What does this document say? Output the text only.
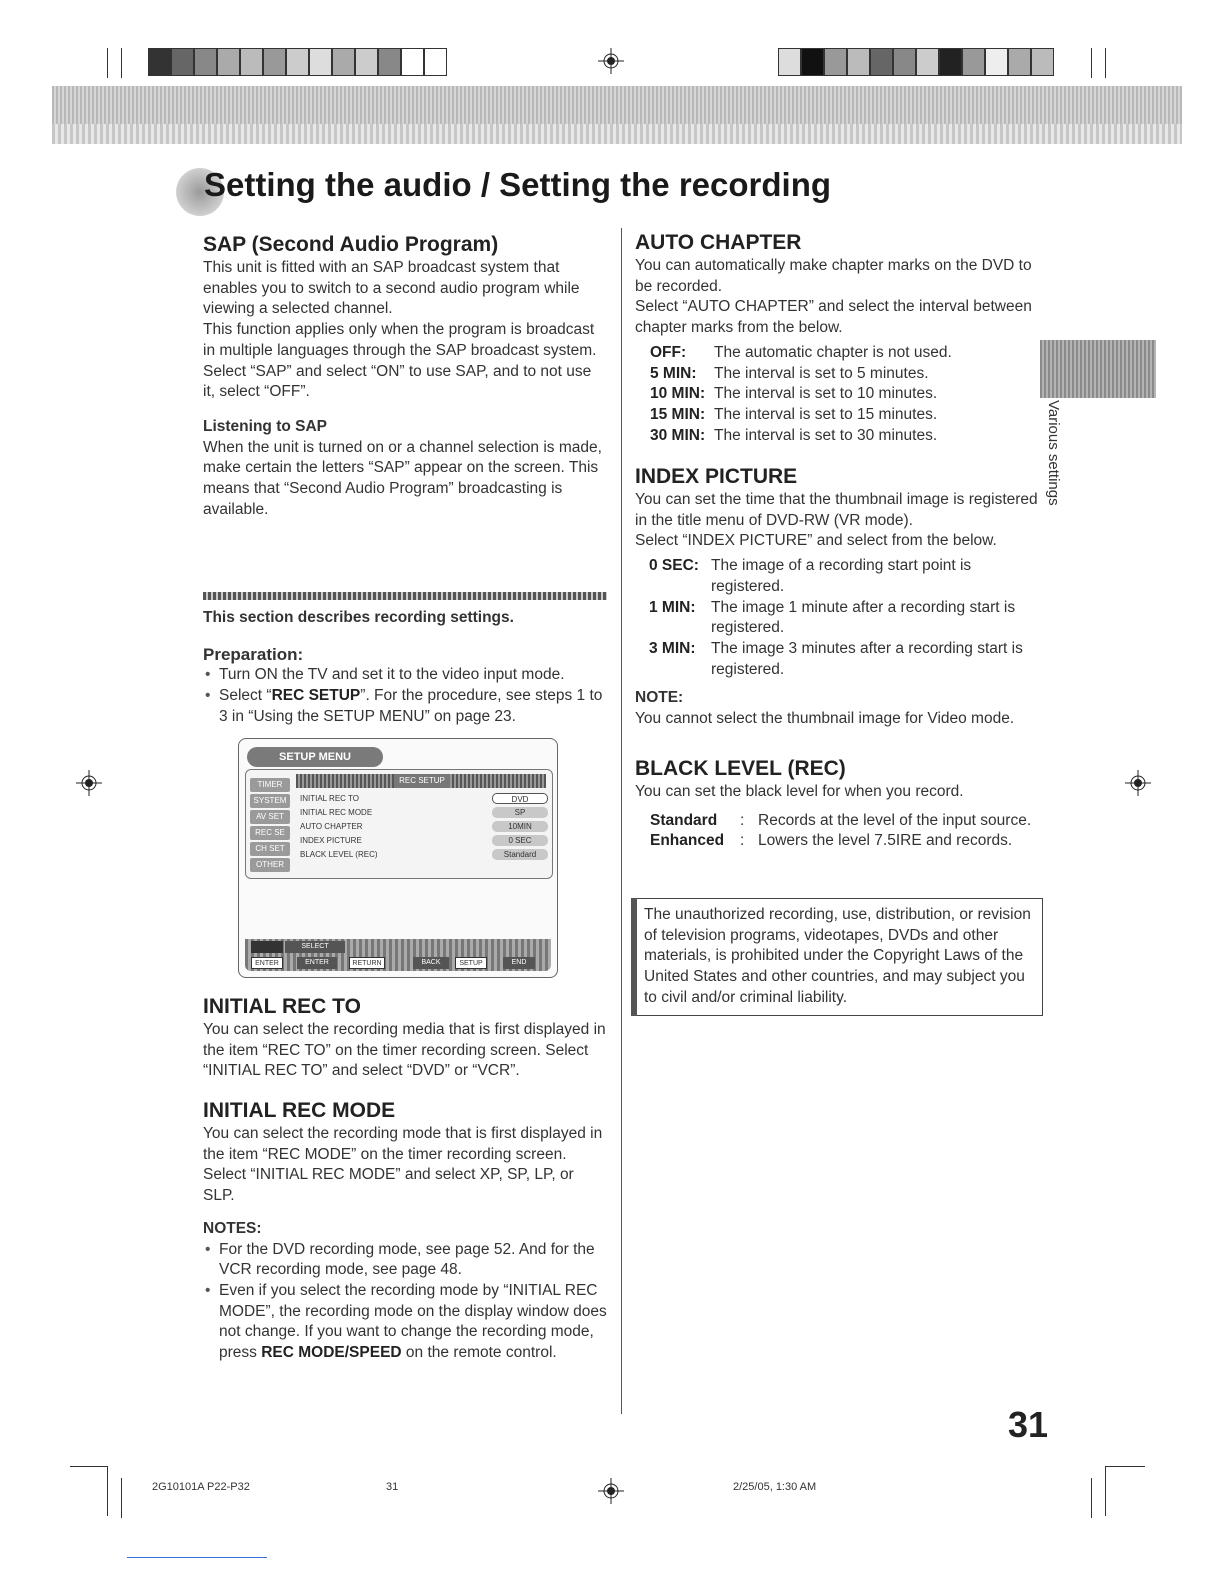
Setting the audio / Setting the recording
SAP (Second Audio Program)

This unit is fitted with an SAP broadcast system that enables you to switch to a second audio program while viewing a selected channel.

This function applies only when the program is broadcast in multiple languages through the SAP broadcast system.

Select “SAP” and select “ON” to use SAP, and to not use it, select “OFF”.

Listening to SAP

When the unit is turned on or a channel selection is made, make certain the letters “SAP” appear on the screen. This means that “Second Audio Program” broadcasting is available.

This section describes recording settings.

Preparation:

• Turn ON the TV and set it to the video input mode.
• Select “REC SETUP”. For the procedure, see steps 1 to 3 in “Using the SETUP MENU” on page 23.
SETUP MENU
TIMER
SYSTEM
AV SET
REC SE
CH SET
OTHER
REC SETUP
INITIAL REC TO	DVD
INITIAL REC MODE	SP
AUTO CHAPTER	10MIN
INDEX PICTURE	0 SEC
BLACK LEVEL (REC)	Standard
SELECT
ENTER	ENTER	RETURN	BACK	SETUP	END
INITIAL REC TO

You can select the recording media that is first displayed in the item “REC TO” on the timer recording screen. Select “INITIAL REC TO” and select “DVD” or “VCR”.

INITIAL REC MODE

You can select the recording mode that is first displayed in the item “REC MODE” on the timer recording screen. Select “INITIAL REC MODE” and select XP, SP, LP, or SLP.

NOTES:

• For the DVD recording mode, see page 52. And for the VCR recording mode, see page 48.
• Even if you select the recording mode by “INITIAL REC MODE”, the recording mode on the display window does not change. If you want to change the recording mode, press REC MODE/SPEED on the remote control.
AUTO CHAPTER

You can automatically make chapter marks on the DVD to be recorded.

Select “AUTO CHAPTER” and select the interval between chapter marks from the below.

OFF:	The automatic chapter is not used.
5 MIN:	The interval is set to 5 minutes.
10 MIN: The interval is set to 10 minutes.
15 MIN: The interval is set to 15 minutes.
30 MIN: The interval is set to 30 minutes.
INDEX PICTURE

You can set the time that the thumbnail image is registered in the title menu of DVD-RW (VR mode).

Select “INDEX PICTURE” and select from the below.

0 SEC: The image of a recording start point is registered.
1 MIN:	The image 1 minute after a recording start is registered.
3 MIN:	The image 3 minutes after a recording start is registered.

NOTE:

You cannot select the thumbnail image for Video mode.

BLACK LEVEL (REC)

You can set the black level for when you record.

Standard	: Records at the level of the input source.
Enhanced	: Lowers the level 7.5IRE and records.
The unauthorized recording, use, distribution, or revision of television programs, videotapes, DVDs and other materials, is prohibited under the Copyright Laws of the United States and other countries, and may subject you to civil and/or criminal liability.
Various settings
31
2G10101A P22-P32	31	2/25/05, 1:30 AM
